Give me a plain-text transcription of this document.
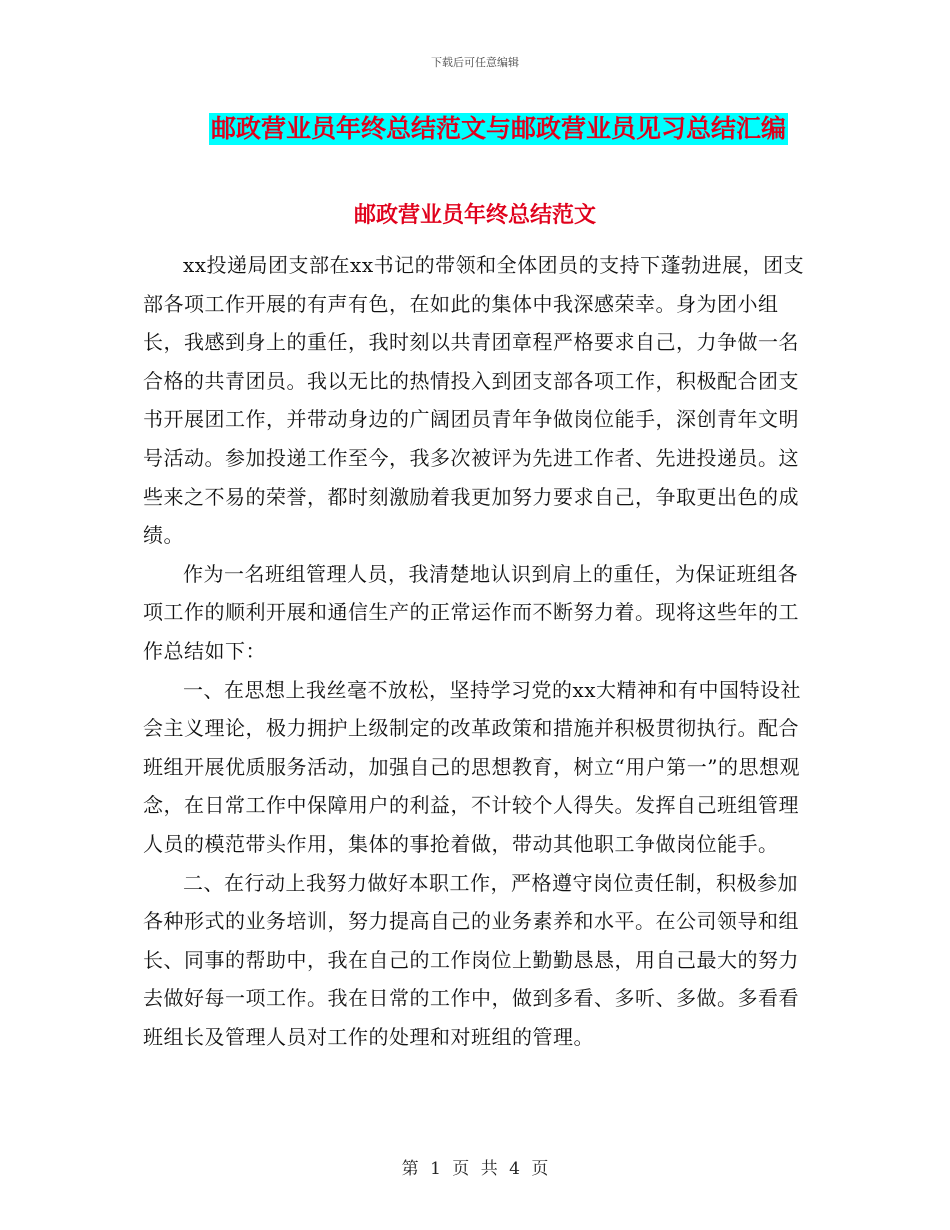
下载后可任意编辑
邮政营业员年终总结范文与邮政营业员见习总结汇编
邮政营业员年终总结范文

xx投递局团支部在xx书记的带领和全体团员的支持下蓬勃进展，团支部各项工作开展的有声有色，在如此的集体中我深感荣幸。身为团小组长，我感到身上的重任，我时刻以共青团章程严格要求自己，力争做一名合格的共青团员。我以无比的热情投入到团支部各项工作，积极配合团支书开展团工作，并带动身边的广阔团员青年争做岗位能手，深创青年文明号活动。参加投递工作至今，我多次被评为先进工作者、先进投递员。这些来之不易的荣誉，都时刻激励着我更加努力要求自己，争取更出色的成绩。

作为一名班组管理人员，我清楚地认识到肩上的重任，为保证班组各项工作的顺利开展和通信生产的正常运作而不断努力着。现将这些年的工作总结如下：

一、在思想上我丝毫不放松，坚持学习党的xx大精神和有中国特设社会主义理论，极力拥护上级制定的改革政策和措施并积极贯彻执行。配合班组开展优质服务活动，加强自己的思想教育，树立“用户第一”的思想观念，在日常工作中保障用户的利益，不计较个人得失。发挥自己班组管理人员的模范带头作用，集体的事抢着做，带动其他职工争做岗位能手。

二、在行动上我努力做好本职工作，严格遵守岗位责任制，积极参加各种形式的业务培训，努力提高自己的业务素养和水平。在公司领导和组长、同事的帮助中，我在自己的工作岗位上勤勤恳恳，用自己最大的努力去做好每一项工作。我在日常的工作中，做到多看、多听、多做。多看看班组长及管理人员对工作的处理和对班组的管理。

第 1 页 共 4 页
